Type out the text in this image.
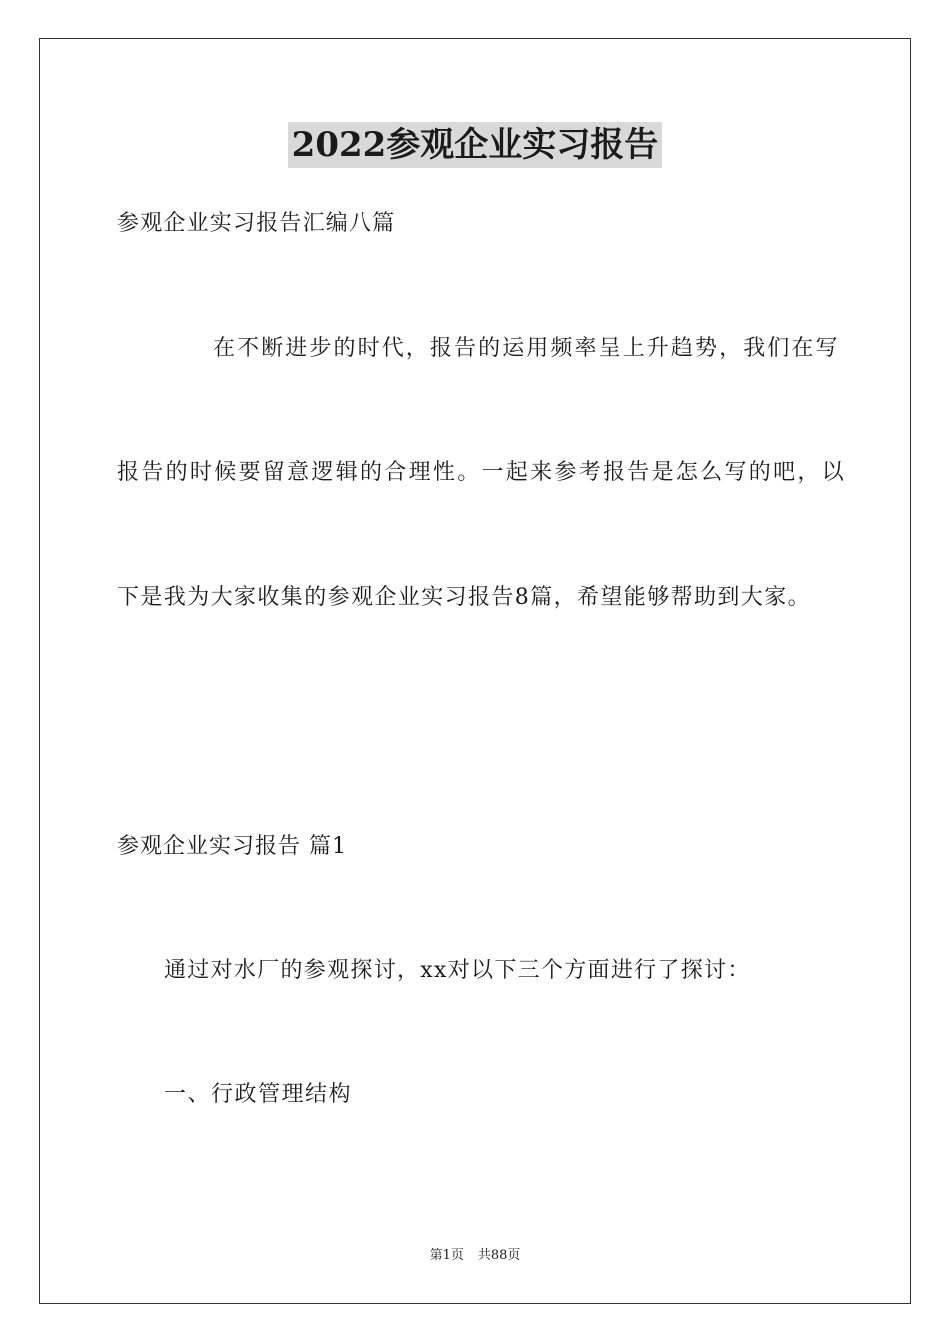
2022参观企业实习报告
参观企业实习报告汇编八篇
在不断进步的时代，报告的运用频率呈上升趋势，我们在写
报告的时候要留意逻辑的合理性。一起来参考报告是怎么写的吧，以
下是我为大家收集的参观企业实习报告8篇，希望能够帮助到大家。
参观企业实习报告 篇1
通过对水厂的参观探讨，xx对以下三个方面进行了探讨：
一、行政管理结构
第1页 共88页
